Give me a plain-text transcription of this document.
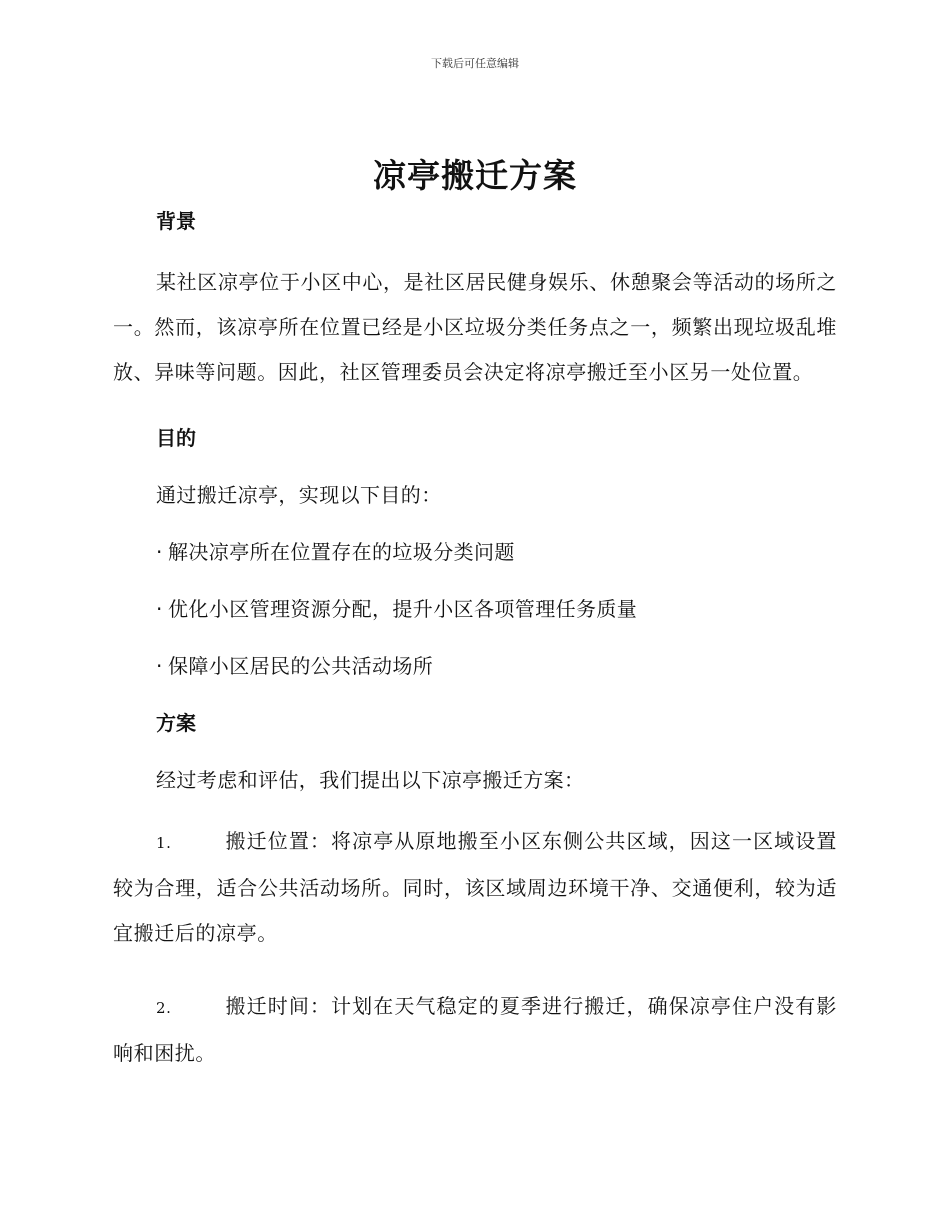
下载后可任意编辑
凉亭搬迁方案
背景

某社区凉亭位于小区中心，是社区居民健身娱乐、休憩聚会等活动的场所之一。然而，该凉亭所在位置已经是小区垃圾分类任务点之一，频繁出现垃圾乱堆放、异味等问题。因此，社区管理委员会决定将凉亭搬迁至小区另一处位置。

目的
通过搬迁凉亭，实现以下目的：
· 解决凉亭所在位置存在的垃圾分类问题
· 优化小区管理资源分配，提升小区各项管理任务质量
· 保障小区居民的公共活动场所
方案
经过考虑和评估，我们提出以下凉亭搬迁方案：

1.	搬迁位置：将凉亭从原地搬至小区东侧公共区域，因这一区域设置较为合理，适合公共活动场所。同时，该区域周边环境干净、交通便利，较为适宜搬迁后的凉亭。

2.	搬迁时间：计划在天气稳定的夏季进行搬迁，确保凉亭住户没有影响和困扰。
